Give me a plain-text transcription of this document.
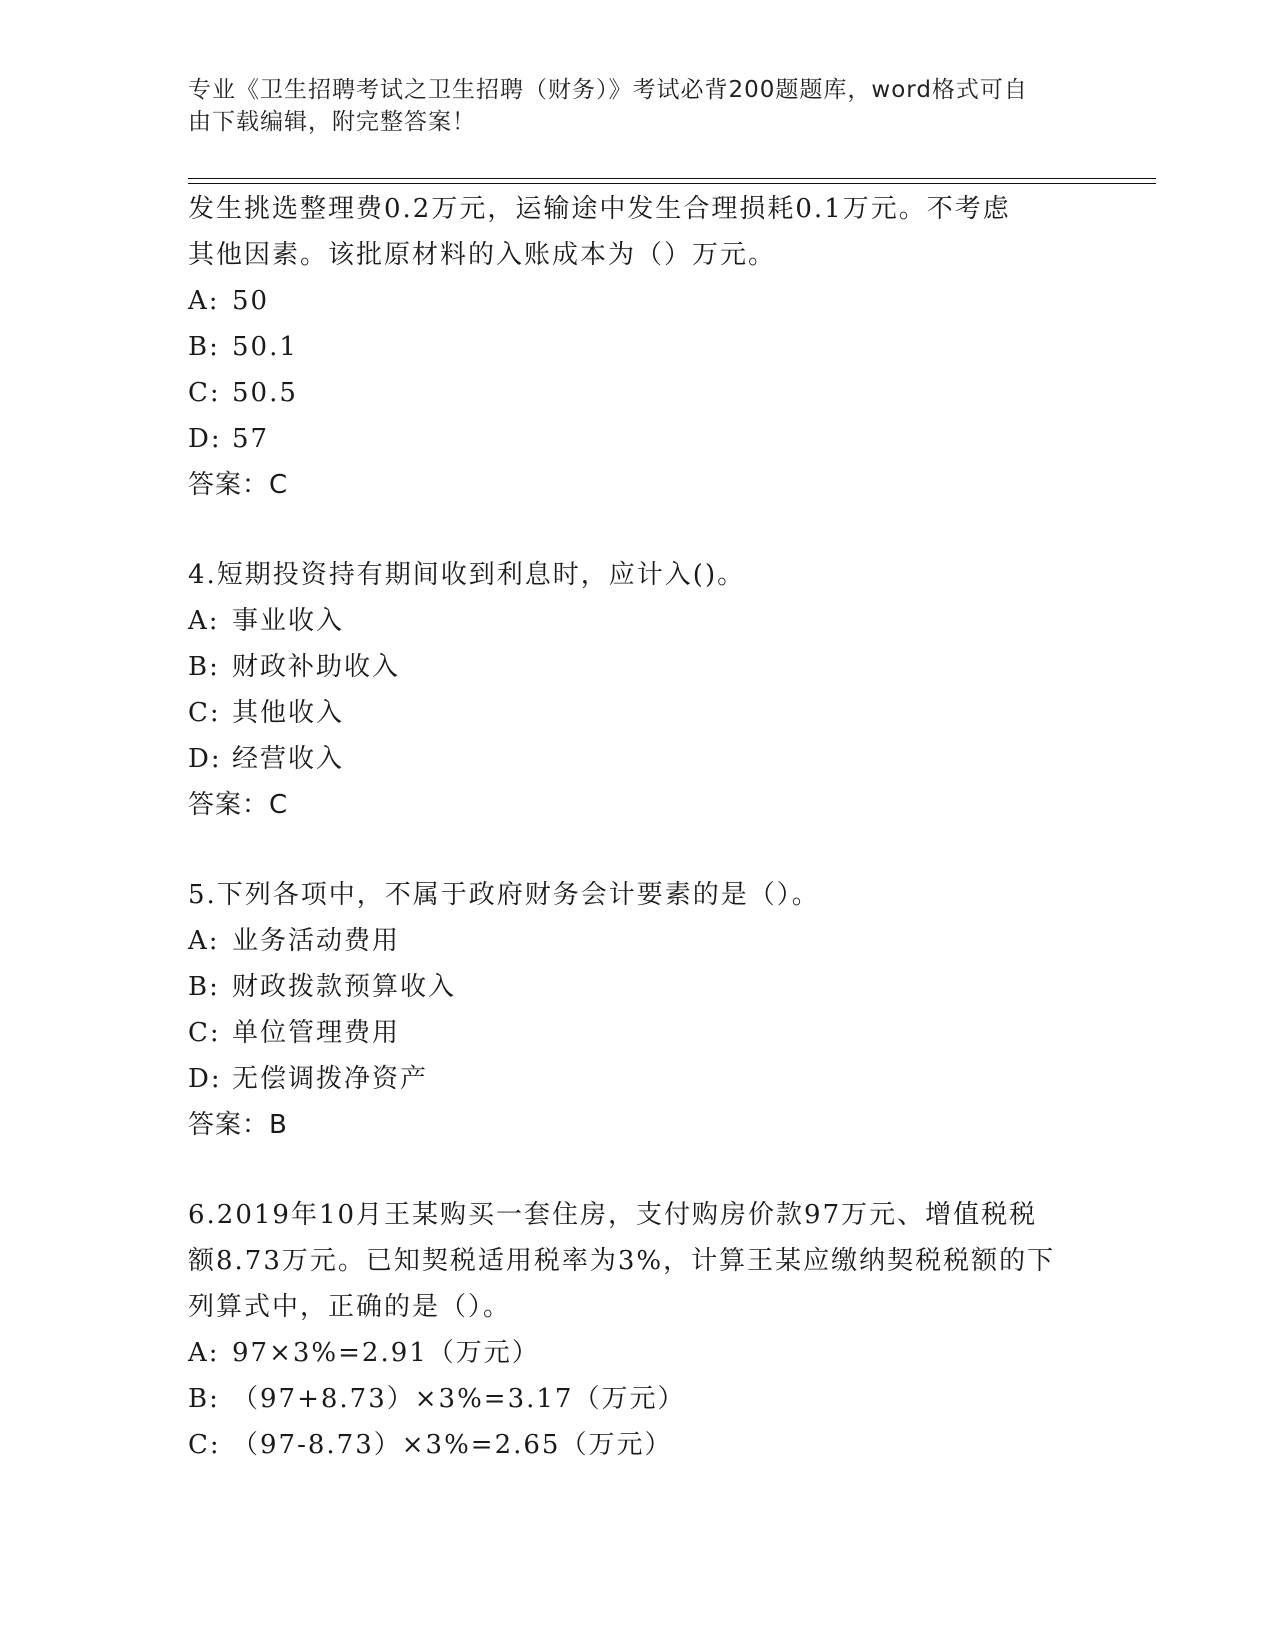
专业《卫生招聘考试之卫生招聘（财务）》考试必背200题题库，word格式可自
由下载编辑，附完整答案！
发生挑选整理费0.2万元，运输途中发生合理损耗0.1万元。不考虑
其他因素。该批原材料的入账成本为（）万元。
A: 50
B: 50.1
C: 50.5
D: 57
答案：C
4.短期投资持有期间收到利息时，应计入()。
A: 事业收入
B: 财政补助收入
C: 其他收入
D: 经营收入
答案：C
5.下列各项中，不属于政府财务会计要素的是（）。
A: 业务活动费用
B: 财政拨款预算收入
C: 单位管理费用
D: 无偿调拨净资产
答案：B
6.2019年10月王某购买一套住房，支付购房价款97万元、增值税税
额8.73万元。已知契税适用税率为3%，计算王某应缴纳契税税额的下
列算式中，正确的是（）。
A: 97×3%=2.91（万元）
B: （97+8.73）×3%=3.17（万元）
C: （97-8.73）×3%=2.65（万元）
